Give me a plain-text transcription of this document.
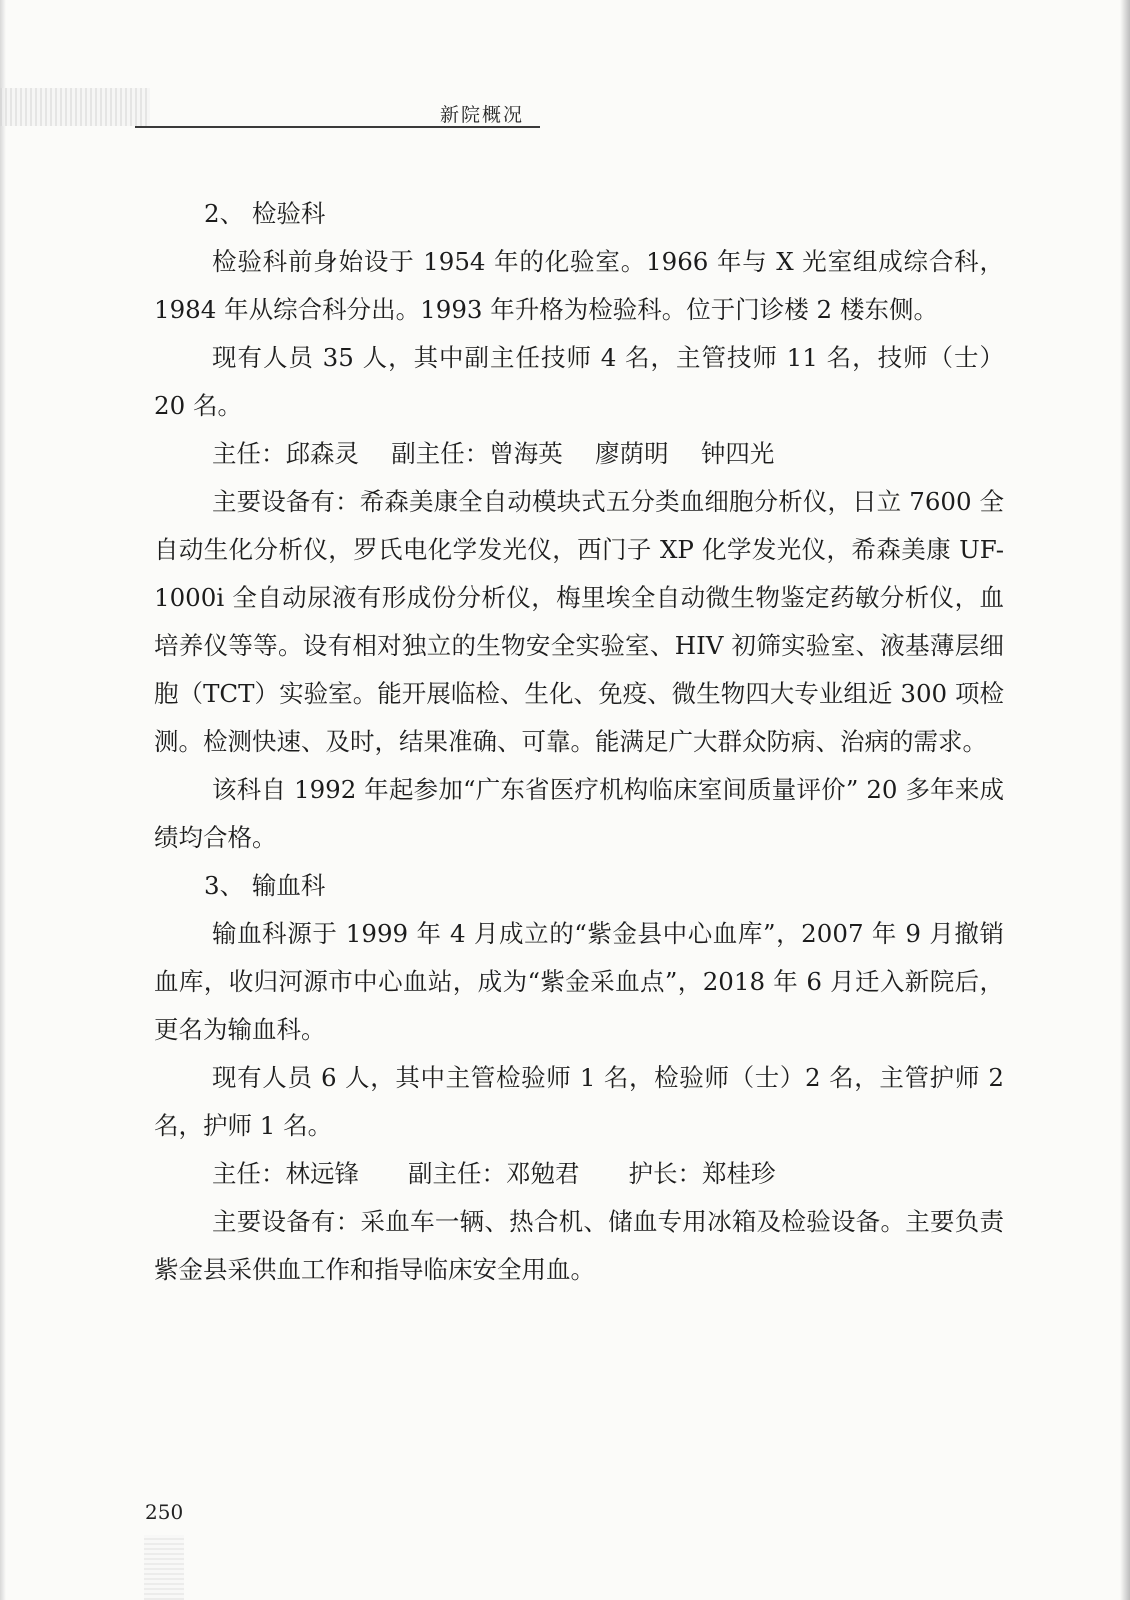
新院概况

2、 检验科

检验科前身始设于 1954 年的化验室。1966 年与 X 光室组成综合科，1984 年从综合科分出。1993 年升格为检验科。位于门诊楼 2 楼东侧。

现有人员 35 人，其中副主任技师 4 名，主管技师 11 名，技师（士）20 名。

主任：邱森灵　 副主任：曾海英　 廖荫明　 钟四光

主要设备有：希森美康全自动模块式五分类血细胞分析仪，日立 7600 全自动生化分析仪，罗氏电化学发光仪，西门子 XP 化学发光仪，希森美康 UF-1000i 全自动尿液有形成份分析仪，梅里埃全自动微生物鉴定药敏分析仪，血培养仪等等。设有相对独立的生物安全实验室、HIV 初筛实验室、液基薄层细胞（TCT）实验室。能开展临检、生化、免疫、微生物四大专业组近 300 项检测。检测快速、及时，结果准确、可靠。能满足广大群众防病、治病的需求。

该科自 1992 年起参加“广东省医疗机构临床室间质量评价” 20 多年来成绩均合格。

3、 输血科

输血科源于 1999 年 4 月成立的“紫金县中心血库”，2007 年 9 月撤销血库，收归河源市中心血站，成为“紫金采血点”，2018 年 6 月迁入新院后，更名为输血科。

现有人员 6 人，其中主管检验师 1 名，检验师（士）2 名，主管护师 2 名，护师 1 名。

主任：林远锋　　副主任：邓勉君　　护长：郑桂珍

主要设备有：采血车一辆、热合机、储血专用冰箱及检验设备。主要负责紫金县采供血工作和指导临床安全用血。

250
